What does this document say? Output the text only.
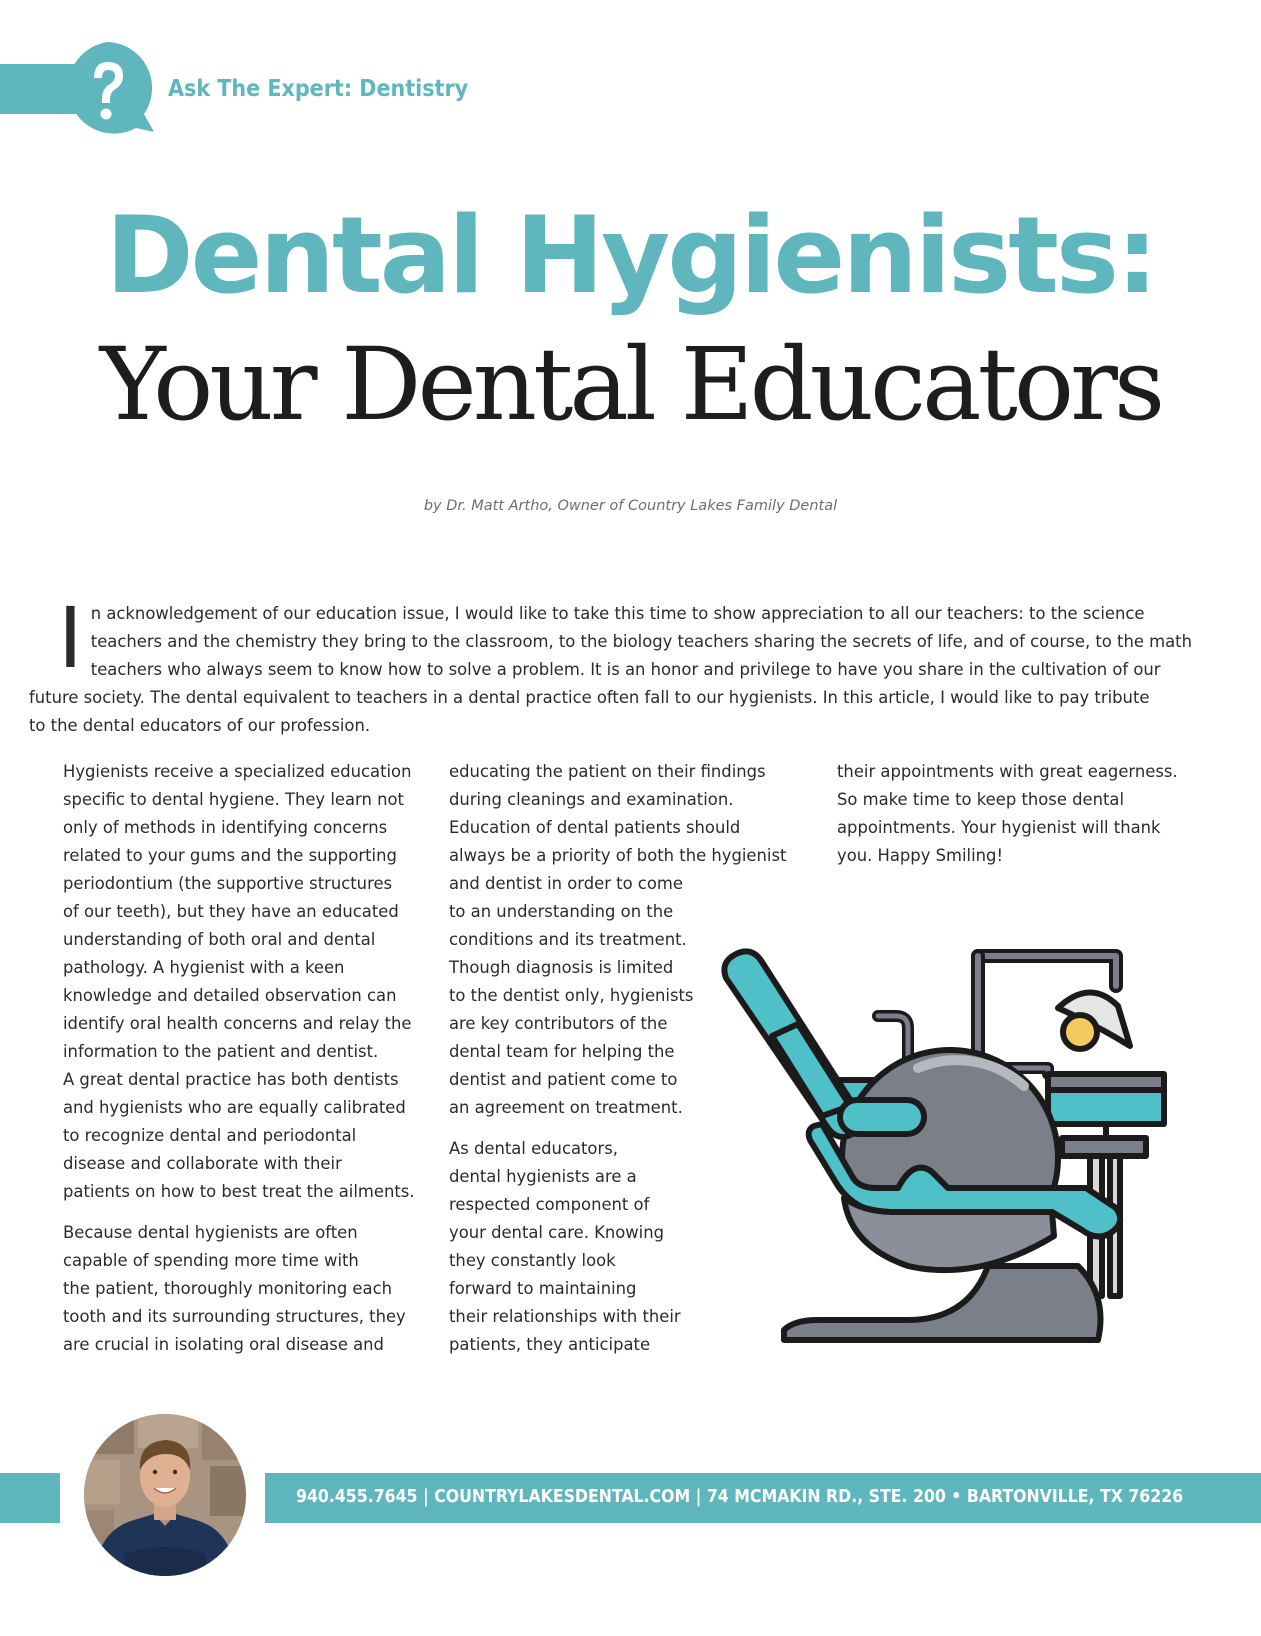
Ask The Expert: Dentistry
Dental Hygienists:
Your Dental Educators
by Dr. Matt Artho, Owner of Country Lakes Family Dental
I n acknowledgement of our education issue, I would like to take this time to show appreciation to all our teachers: to the science
teachers and the chemistry they bring to the classroom, to the biology teachers sharing the secrets of life, and of course, to the math
teachers who always seem to know how to solve a problem. It is an honor and privilege to have you share in the cultivation of our
future society. The dental equivalent to teachers in a dental practice often fall to our hygienists. In this article, I would like to pay tribute
to the dental educators of our profession.

Hygienists receive a specialized education
specific to dental hygiene. They learn not
only of methods in identifying concerns
related to your gums and the supporting
periodontium (the supportive structures
of our teeth), but they have an educated
understanding of both oral and dental
pathology. A hygienist with a keen
knowledge and detailed observation can
identify oral health concerns and relay the
information to the patient and dentist.
A great dental practice has both dentists
and hygienists who are equally calibrated
to recognize dental and periodontal
disease and collaborate with their
patients on how to best treat the ailments.

Because dental hygienists are often
capable of spending more time with
the patient, thoroughly monitoring each
tooth and its surrounding structures, they
are crucial in isolating oral disease and

educating the patient on their findings
during cleanings and examination.
Education of dental patients should
always be a priority of both the hygienist
and dentist in order to come
to an understanding on the
conditions and its treatment.
Though diagnosis is limited
to the dentist only, hygienists
are key contributors of the
dental team for helping the
dentist and patient come to
an agreement on treatment.

As dental educators,
dental hygienists are a
respected component of
your dental care. Knowing
they constantly look
forward to maintaining
their relationships with their
patients, they anticipate

their appointments with great eagerness.
So make time to keep those dental
appointments. Your hygienist will thank
you. Happy Smiling!

940.455.7645 | COUNTRYLAKESDENTAL.COM | 74 MCMAKIN RD., STE. 200 • BARTONVILLE, TX 76226
